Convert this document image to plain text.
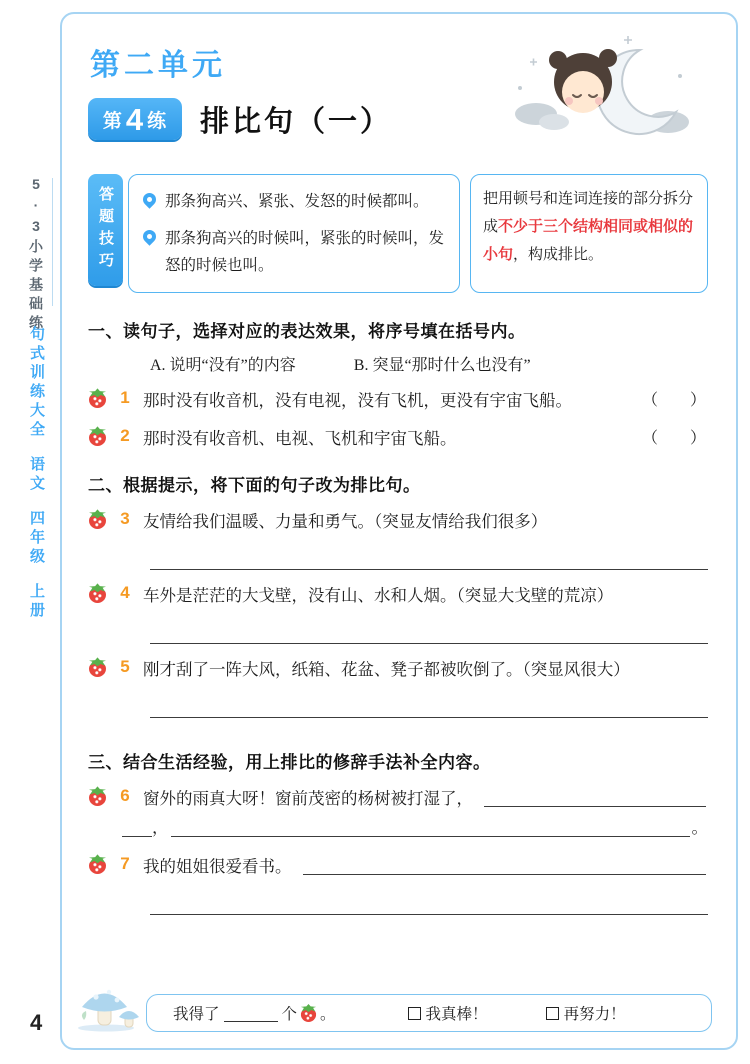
5·3小学基础练
句式训练大全
语文
四年级
上册
4
第二单元
第 4 练 排比句（一）
答题技巧	那条狗高兴、紧张、发怒的时候都叫。
那条狗高兴的时候叫，紧张的时候叫，发怒的时候也叫。
把用顿号和连词连接的部分拆分成不少于三个结构相同或相似的小句，构成排比。
一、读句子，选择对应的表达效果，将序号填在括号内。
A. 说明“没有”的内容	B. 突显“那时什么也没有”
1 那时没有收音机，没有电视，没有飞机，更没有宇宙飞船。	（　　）
2 那时没有收音机、电视、飞机和宇宙飞船。	（　　）
二、根据提示，将下面的句子改为排比句。
3 友情给我们温暖、力量和勇气。（突显友情给我们很多）
4 车外是茫茫的大戈壁，没有山、水和人烟。（突显大戈壁的荒凉）
5 刚才刮了一阵大风，纸箱、花盆、凳子都被吹倒了。（突显风很大）
三、结合生活经验，用上排比的修辞手法补全内容。
6 窗外的雨真大呀！窗前茂密的杨树被打湿了，
，	。
7 我的姐姐很爱看书。
我得了	个 。	我真棒！	再努力！
